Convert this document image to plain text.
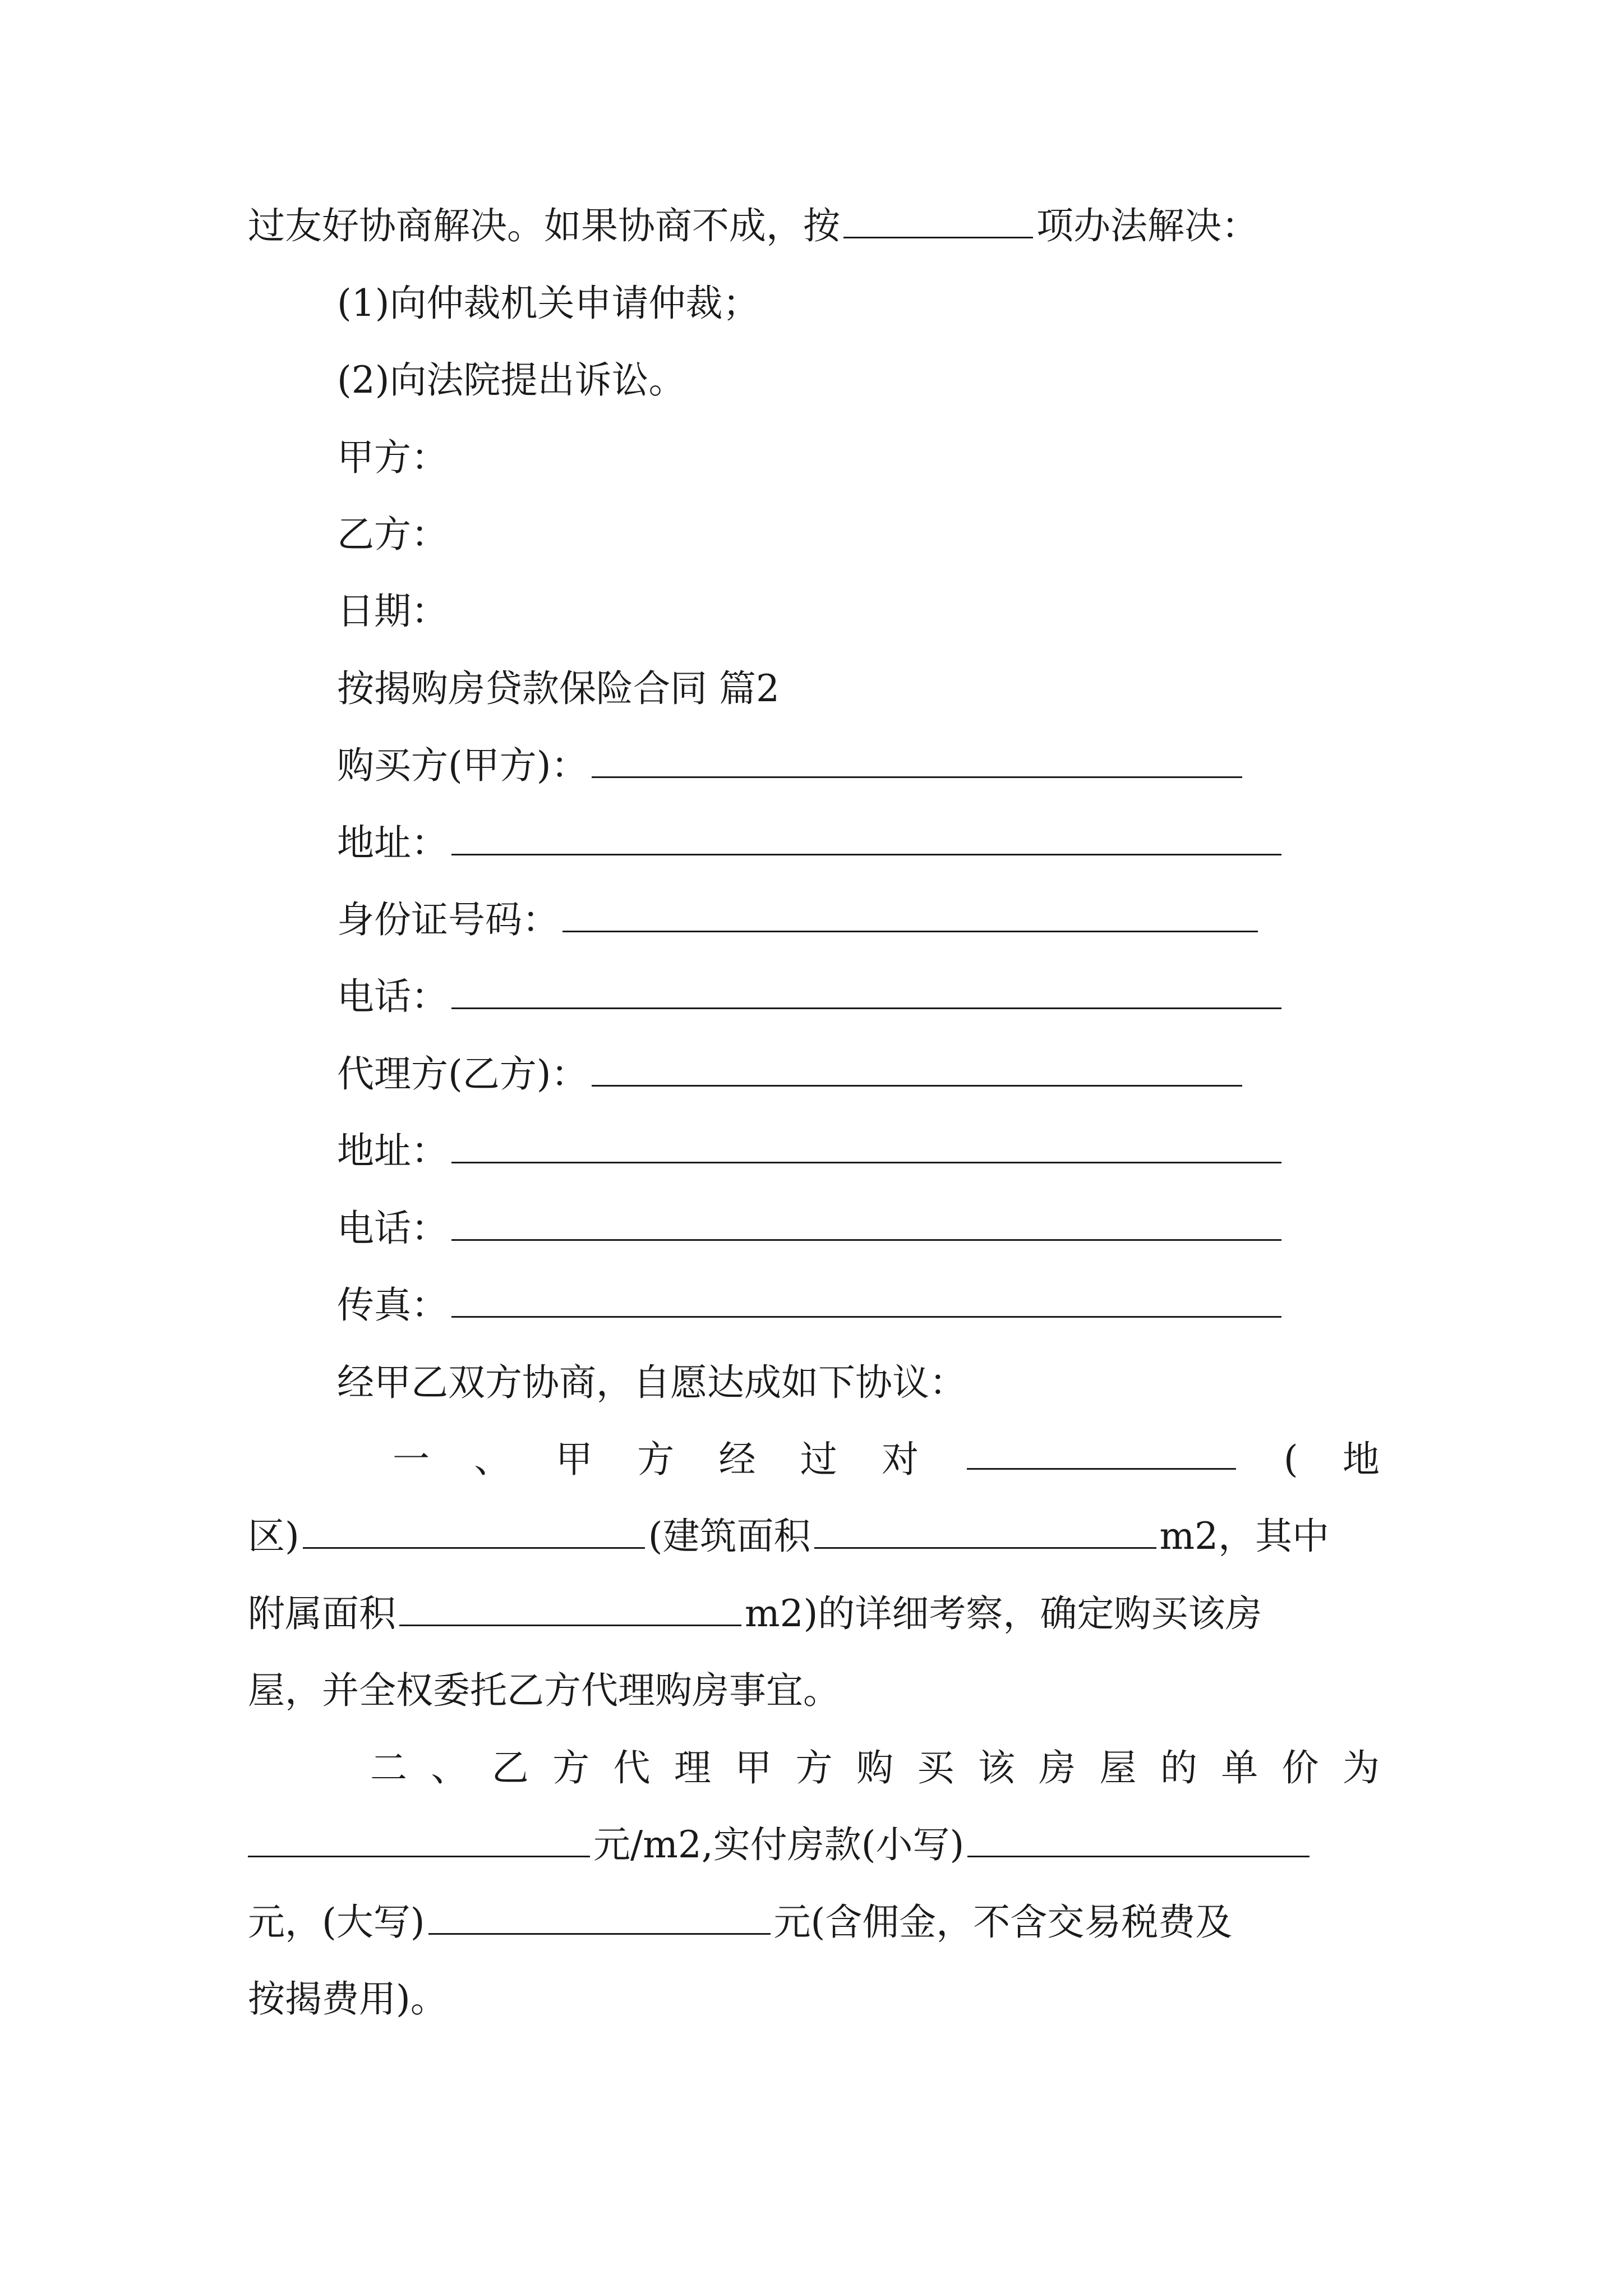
过友好协商解决。如果协商不成，按	项办法解决：
(1)向仲裁机关申请仲裁；
(2)向法院提出诉讼。
甲方：
乙方：
日期：
按揭购房贷款保险合同 篇2
购买方(甲方)：
地址：
身份证号码：
电话：
代理方(乙方)：
地址：
电话：
传真：
经甲乙双方协商，自愿达成如下协议：
一 、 甲 方 经 过 对	( 地
区)	(建筑面积	m2，其中
附属面积	m2)的详细考察，确定购买该房
屋，并全权委托乙方代理购房事宜。
二 、 乙 方 代 理 甲 方 购 买 该 房 屋 的 单 价 为
元/m2,实付房款(小写)
元，(大写)	元(含佣金，不含交易税费及
按揭费用)。
